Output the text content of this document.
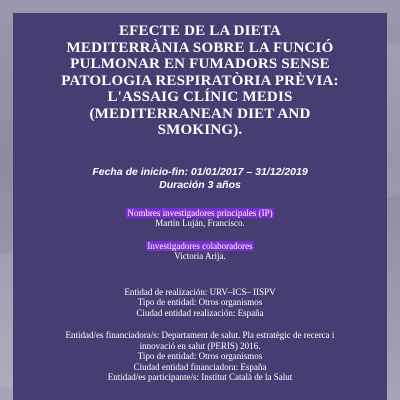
EFECTE DE LA DIETA MEDITERRÀNIA SOBRE LA FUNCIÓ PULMONAR EN FUMADORS SENSE PATOLOGIA RESPIRATÒRIA PRÈVIA: L'ASSAIG CLÍNIC MEDIS (MEDITERRANEAN DIET AND SMOKING).
Fecha de inicio-fin: 01/01/2017 – 31/12/2019
Duración 3 años
Nombres investigadores principales (IP)
Martín Luján, Francisco.
Investigadores colaboradores
Victoria Arija.
Entidad de realización: URV–ICS– IISPV
Tipo de entidad: Otros organismos
Ciudad entidad realización: España
Entidad/es financiadora/s: Departament de salut. Pla estratègic de recerca i
innovació en salut (PERIS) 2016.
Tipo de entidad: Otros organismos
Ciudad entidad financiadora: España
Entidad/es participante/s: Institut Català de la Salut
